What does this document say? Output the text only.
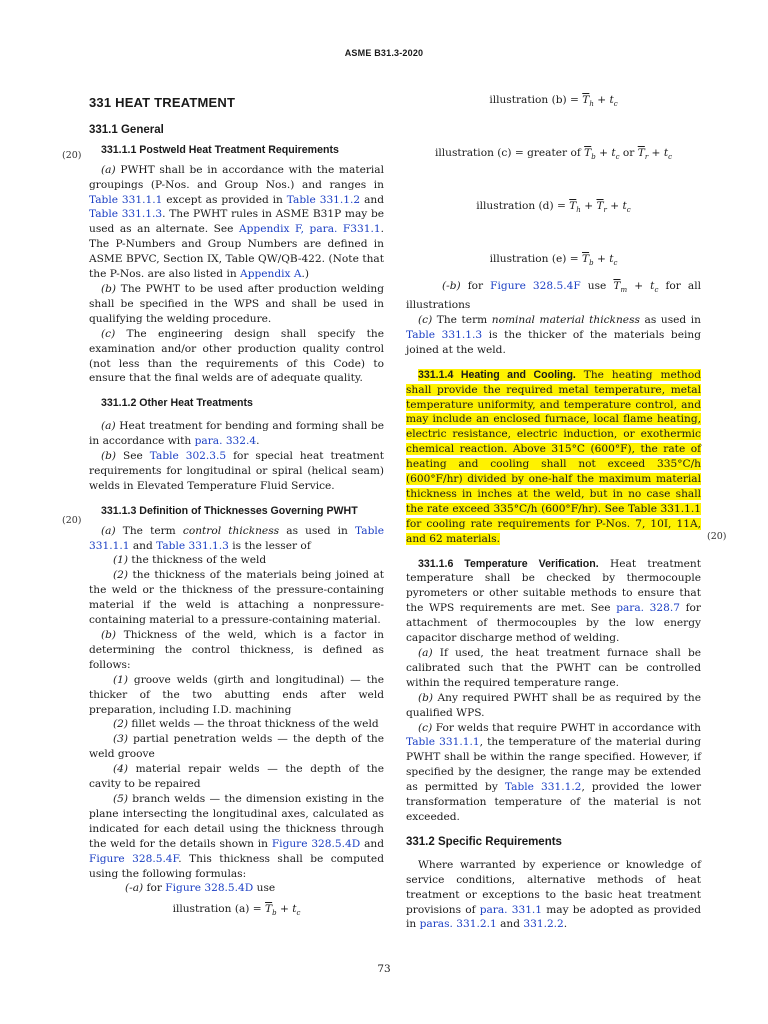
ASME B31.3-2020
(20)
(20)
(20)

331 HEAT TREATMENT

331.1 General

331.1.1 Postweld Heat Treatment Requirements

(a) PWHT shall be in accordance with the material groupings (P-Nos. and Group Nos.) and ranges in Table 331.1.1 except as provided in Table 331.1.2 and Table 331.1.3. The PWHT rules in ASME B31P may be used as an alternate. See Appendix F, para. F331.1. The P-Numbers and Group Numbers are defined in ASME BPVC, Section IX, Table QW/QB-422. (Note that the P-Nos. are also listed in Appendix A.)

(b) The PWHT to be used after production welding shall be specified in the WPS and shall be used in qualifying the welding procedure.

(c) The engineering design shall specify the examination and/or other production quality control (not less than the requirements of this Code) to ensure that the final welds are of adequate quality.

331.1.2 Other Heat Treatments

(a) Heat treatment for bending and forming shall be in accordance with para. 332.4.

(b) See Table 302.3.5 for special heat treatment requirements for longitudinal or spiral (helical seam) welds in Elevated Temperature Fluid Service.

331.1.3 Definition of Thicknesses Governing PWHT

(a) The term control thickness as used in Table 331.1.1 and Table 331.1.3 is the lesser of

(1) the thickness of the weld

(2) the thickness of the materials being joined at the weld or the thickness of the pressure-containing material if the weld is attaching a nonpressure-containing material to a pressure-containing material.

(b) Thickness of the weld, which is a factor in determining the control thickness, is defined as follows:

(1) groove welds (girth and longitudinal) — the thicker of the two abutting ends after weld preparation, including I.D. machining

(2) fillet welds — the throat thickness of the weld

(3) partial penetration welds — the depth of the weld groove

(4) material repair welds — the depth of the cavity to be repaired

(5) branch welds — the dimension existing in the plane intersecting the longitudinal axes, calculated as indicated for each detail using the thickness through the weld for the details shown in Figure 328.5.4D and Figure 328.5.4F. This thickness shall be computed using the following formulas:

(-a) for Figure 328.5.4D use

illustration $(a) = \overline{T}_b + t_c$

illustration $(b) = \overline{T}_h + t_c$

illustration (c) = greater of $\overline{T}_b + t_c$ or $\overline{T}_r + t_c$

illustration $(d) = \overline{T}_h + \overline{T}_r + t_c$

illustration $(e) = \overline{T}_b + t_c$

(-b) for Figure 328.5.4F use $\overline{T}_m + t_c$ for all illustrations

(c) The term nominal material thickness as used in Table 331.1.3 is the thicker of the materials being joined at the weld.

331.1.4 Heating and Cooling. The heating method shall provide the required metal temperature, metal temperature uniformity, and temperature control, and may include an enclosed furnace, local flame heating, electric resistance, electric induction, or exothermic chemical reaction. Above 315°C (600°F), the rate of heating and cooling shall not exceed 335°C/h (600°F/hr) divided by one-half the maximum material thickness in inches at the weld, but in no case shall the rate exceed 335°C/h (600°F/hr). See Table 331.1.1 for cooling rate requirements for P-Nos. 7, 10I, 11A, and 62 materials.

331.1.6 Temperature Verification. Heat treatment temperature shall be checked by thermocouple pyrometers or other suitable methods to ensure that the WPS requirements are met. See para. 328.7 for attachment of thermocouples by the low energy capacitor discharge method of welding.

(a) If used, the heat treatment furnace shall be calibrated such that the PWHT can be controlled within the required temperature range.

(b) Any required PWHT shall be as required by the qualified WPS.

(c) For welds that require PWHT in accordance with Table 331.1.1, the temperature of the material during PWHT shall be within the range specified. However, if specified by the designer, the range may be extended as permitted by Table 331.1.2, provided the lower transformation temperature of the material is not exceeded.

331.2 Specific Requirements

Where warranted by experience or knowledge of service conditions, alternative methods of heat treatment or exceptions to the basic heat treatment provisions of para. 331.1 may be adopted as provided in paras. 331.2.1 and 331.2.2.

73
